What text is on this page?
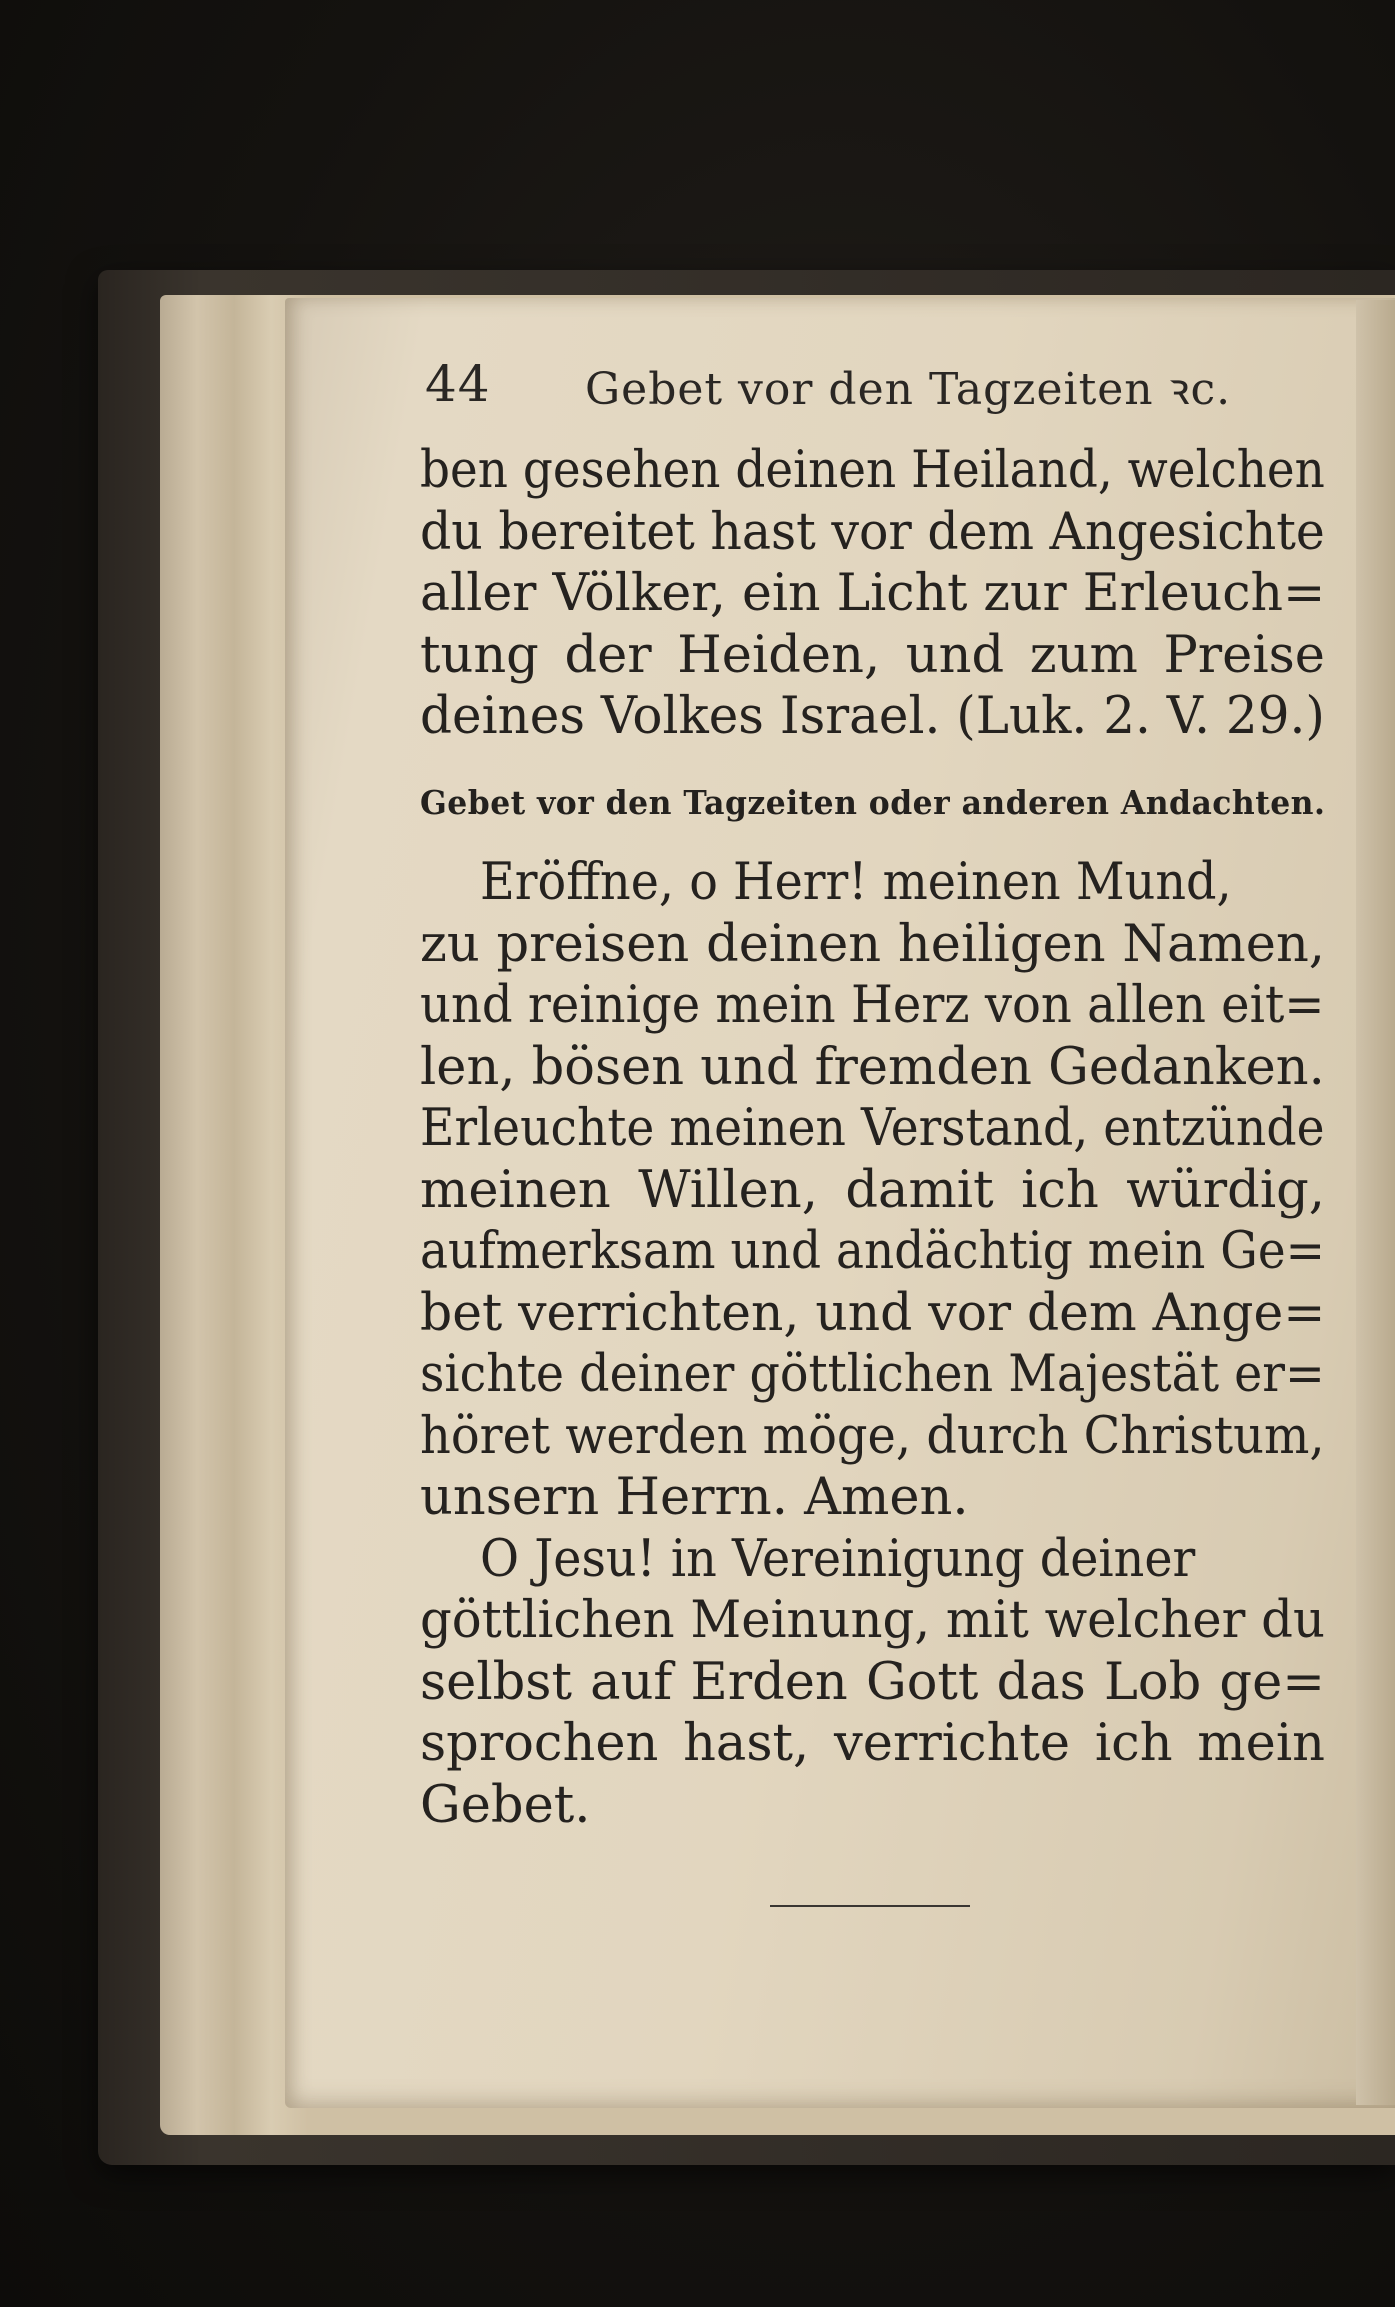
44 Gebet vor den Tagzeiten ꝛc.
ben gesehen deinen Heiland, welchen
du bereitet hast vor dem Angesichte
aller Völker, ein Licht zur Erleuch=
tung der Heiden, und zum Preise
deines Volkes Israel. (Luk. 2. V. 29.)
Gebet vor den Tagzeiten oder anderen Andachten.
Eröffne, o Herr! meinen Mund,
zu preisen deinen heiligen Namen,
und reinige mein Herz von allen eit=
len, bösen und fremden Gedanken.
Erleuchte meinen Verstand, entzünde
meinen Willen, damit ich würdig,
aufmerksam und andächtig mein Ge=
bet verrichten, und vor dem Ange=
sichte deiner göttlichen Majestät er=
höret werden möge, durch Christum,
unsern Herrn. Amen.
O Jesu! in Vereinigung deiner
göttlichen Meinung, mit welcher du
selbst auf Erden Gott das Lob ge=
sprochen hast, verrichte ich mein
Gebet.
